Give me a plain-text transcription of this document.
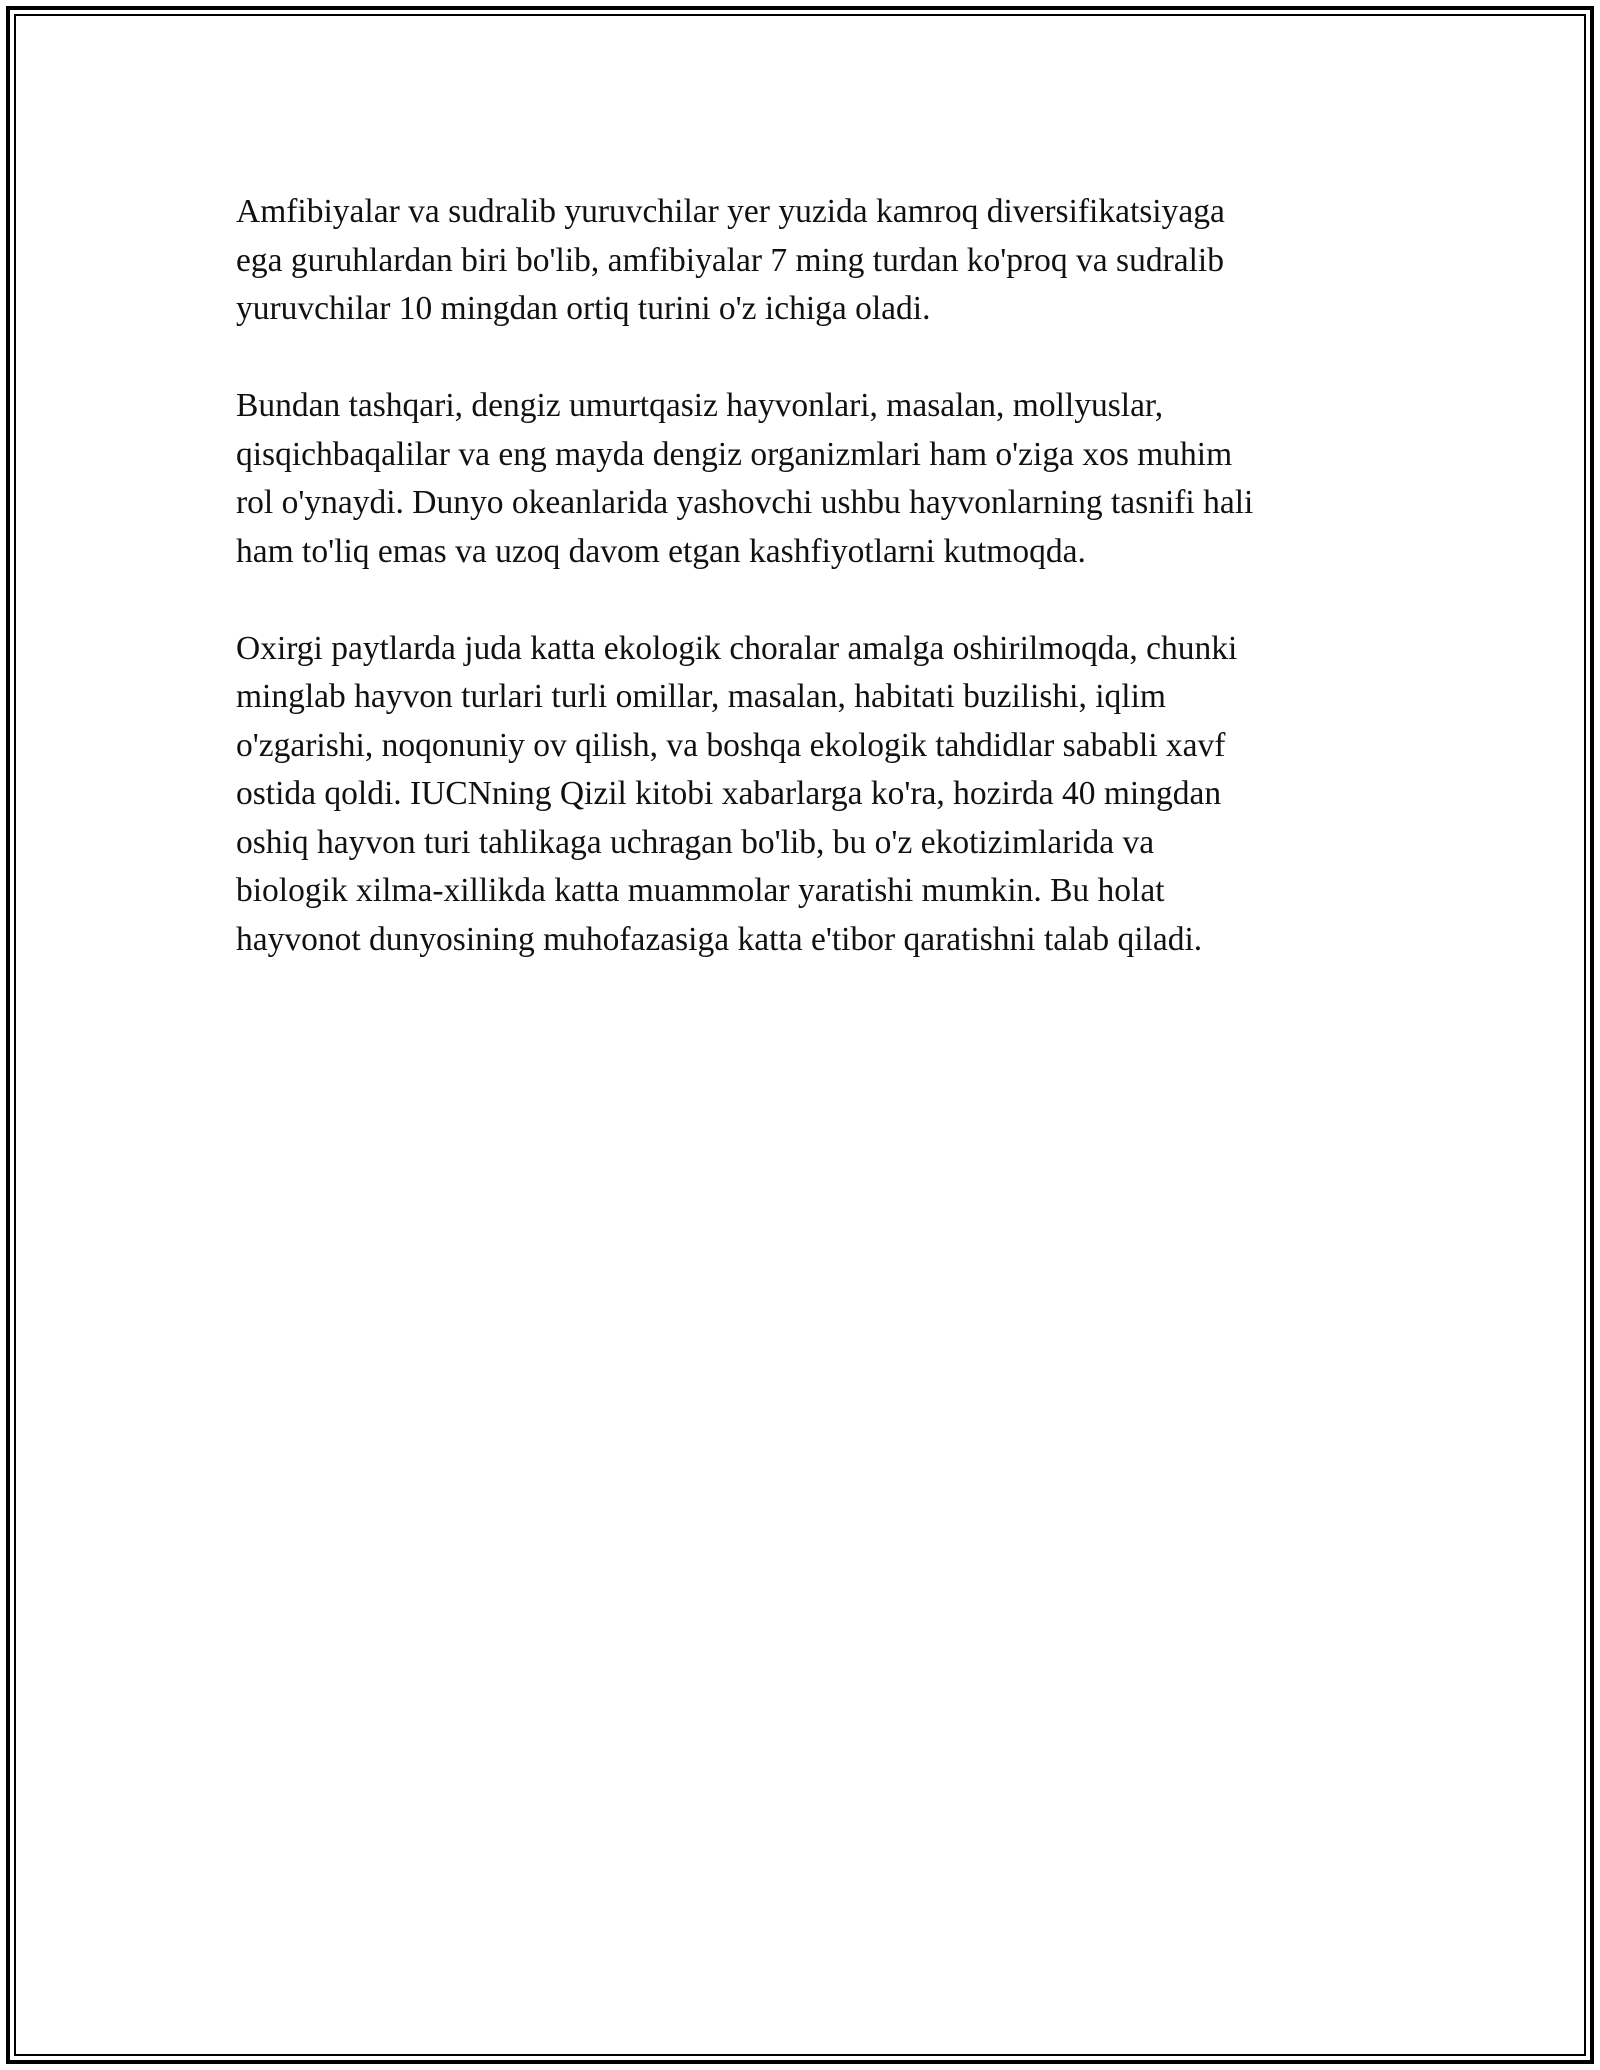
Amfibiyalar va sudralib yuruvchilar yer yuzida kamroq diversifikatsiyaga
ega guruhlardan biri bo'lib, amfibiyalar 7 ming turdan ko'proq va sudralib
yuruvchilar 10 mingdan ortiq turini o'z ichiga oladi.

Bundan tashqari, dengiz umurtqasiz hayvonlari, masalan, mollyuslar,
qisqichbaqalilar va eng mayda dengiz organizmlari ham o'ziga xos muhim
rol o'ynaydi. Dunyo okeanlarida yashovchi ushbu hayvonlarning tasnifi hali
ham to'liq emas va uzoq davom etgan kashfiyotlarni kutmoqda.

Oxirgi paytlarda juda katta ekologik choralar amalga oshirilmoqda, chunki
minglab hayvon turlari turli omillar, masalan, habitati buzilishi, iqlim
o'zgarishi, noqonuniy ov qilish, va boshqa ekologik tahdidlar sababli xavf
ostida qoldi. IUCNning Qizil kitobi xabarlarga ko'ra, hozirda 40 mingdan
oshiq hayvon turi tahlikaga uchragan bo'lib, bu o'z ekotizimlarida va
biologik xilma-xillikda katta muammolar yaratishi mumkin. Bu holat
hayvonot dunyosining muhofazasiga katta e'tibor qaratishni talab qiladi.
